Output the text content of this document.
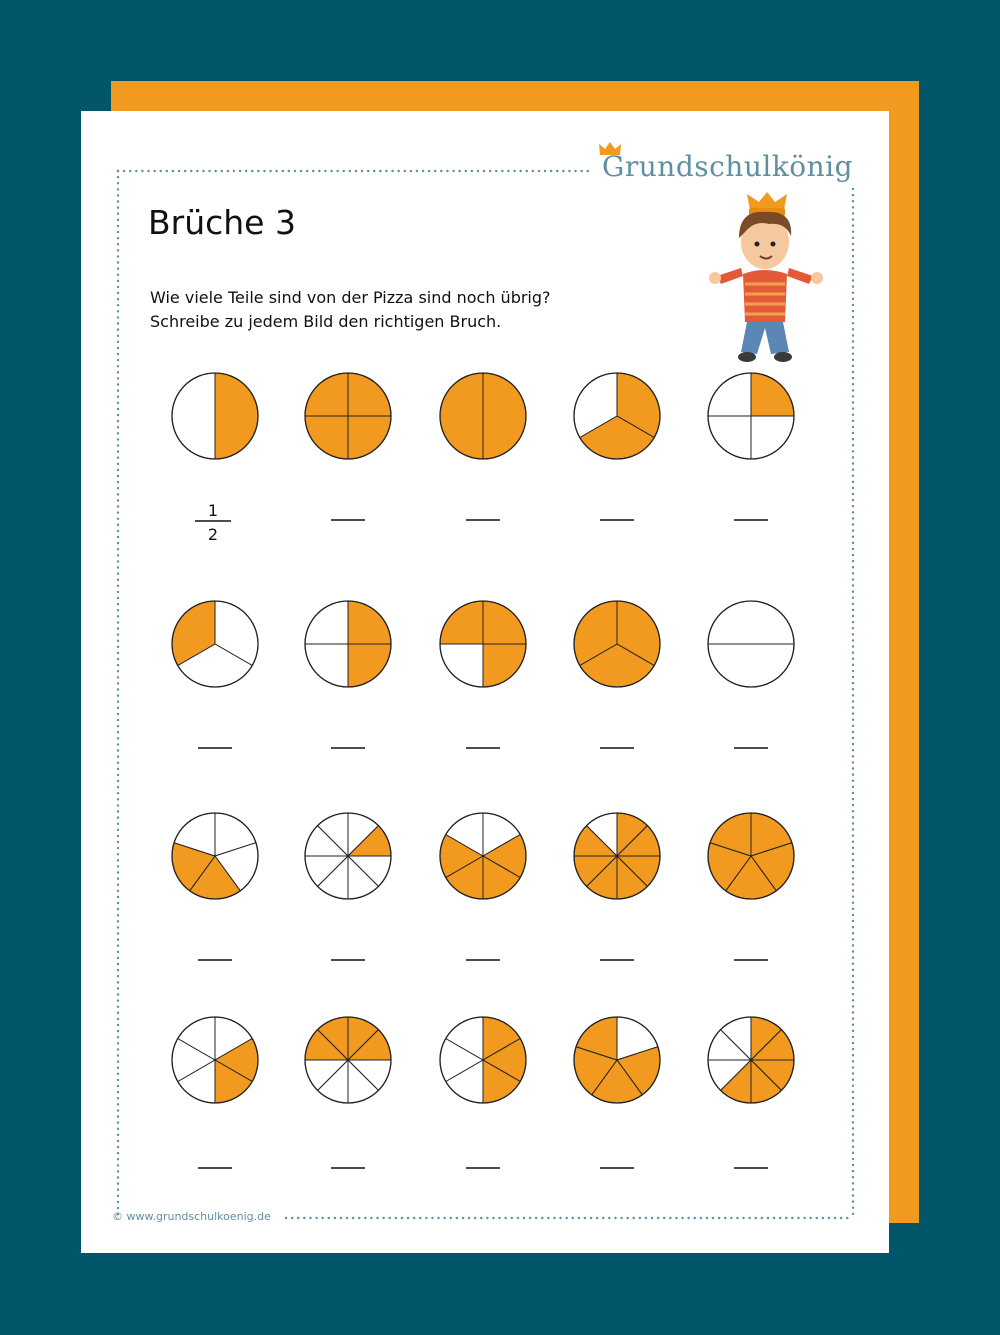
Grundschulkönig
Brüche 3
Wie viele Teile sind von der Pizza sind noch übrig?
Schreibe zu jedem Bild den richtigen Bruch.
1
2
© www.grundschulkoenig.de
